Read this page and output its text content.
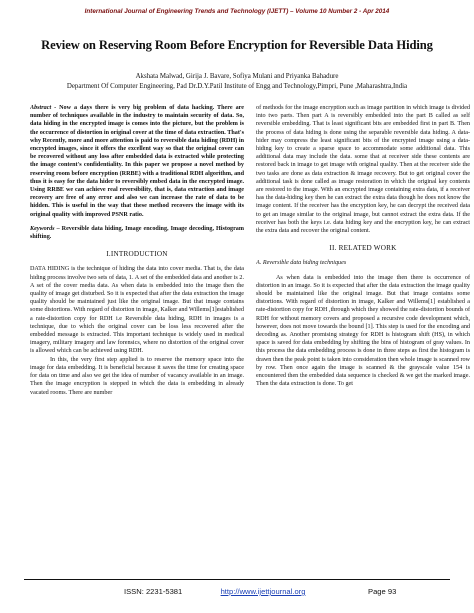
International Journal of Engineering Trends and Technology (IJETT) – Volume 10 Number 2 - Apr 2014
Review on Reserving Room Before Encryption for Reversible Data Hiding
Akshata Malwad, Girija J. Bavare, Sofiya Mulani and Priyanka Bahadure
Department Of Computer Engineering, Pad Dr.D.Y.Patil Institute of Engg and Technology,Pimpri, Pune ,Maharashtra,India

Abstract - Now a days there is very big problem of data hacking. There are number of techniques available in the industry to maintain security of data. So, data hiding in the encrypted image is comes into the picture, but the problem is the occurrence of distortion in original cover at the time of data extraction. That's why Recently, more and more attention is paid to reversible data hiding (RDH) in encrypted images, since it offers the excellent way so that the original cover can be recovered without any loss after embedded data is extracted while protecting the image content's confidentiality. In this paper we propose a novel method by reserving room before encryption (RRBE) with a traditional RDH algorithm, and thus it is easy for the data hider to reversibly embed data in the encrypted image. Using RRBE we can achieve real reversibility, that is, data extraction and image recovery are free of any error and also we can increase the rate of data to be hidden. This is useful in the way that these method recovers the image with its original quality with improved PSNR ratio.

Keywords – Reversible data hiding, Image encoding, Image decoding, Histogram shifting.

I.INTRODUCTION

DATA HIDING is the technique of hiding the data into cover media. That is, the data hiding process involve two sets of data, 1. A set of the embedded data and another is 2. A set of the cover media data. As when data is embedded into the image then the quality of image get disturbed. So it is expected that after the data extraction the image quality should be maintained just like the original image. But that image contains some distortions. With regard of distortion in image, Kalker and Willems[1]established a rate-distortion copy for RDH i.e Reversible data hiding, RDH in images is a technique, due to which the original cover can be loss less recovered after the embedded message is extracted. This important technique is widely used in medical imagery, military imagery and law forensics, where no distortion of the original cover is allowed which can be achieved using RDH.

In this, the very first step applied is to reserve the memory space into the image for data embedding. It is beneficial because it saves the time for creating space for data on time and also we get the idea of number of vacancy available in an image. Then the image encryption is stepped in which the data is embedding in already vacated rooms. There are number

of methods for the image encryption such as image partition in which image is divided into two parts. Then part A is reversibly embedded into the part B called as self reversible embedding. That is least significant bits are embedded first in part B. Then the process of data hiding is done using the separable reversible data hiding. A data-hider may compress the least significant bits of the encrypted image using a data-hiding key to create a sparse space to accommodate some additional data. This additional data may include the data. some that at receiver side these contents are restored back in image to get image with original quality. Then at the receiver side the two tasks are done as data extraction & image recovery. But to get original cover the additional task is done called as image restoration in which the original key contents are restored to the image. With an encrypted image containing extra data, if a receiver has the data-hiding key then he can extract the extra data though he does not know the image content. If the receiver has the encryption key, he can decrypt the received data to get an image similar to the original image, but cannot extract the extra data. If the receiver has both the keys i.e. data hiding key and the encryption key, he can extract the extra data and recover the original content.

II. RELATED WORK
A. Reversible data hiding techniques

As when data is embedded into the image then there is occurrence of distortion in an image. So it is expected that after the data extraction the image quality should be maintained like the original image. But that image contains some distortions. With regard of distortion in image, Kalker and Willems[1] established a rate-distortion copy for RDH ,through which they showed the rate-distortion bounds of RDH for without memory covers and proposed a recursive code development which, however, does not move towards the bound [1]. This step is used for the encoding and decoding as. Another promising strategy for RDH is histogram shift (HS), in which space is saved for data embedding by shifting the bins of histogram of gray values. In this process the data embedding process is done in three steps as first the histogram is drawn then the peak point is taken into consideration then whole image is scanned row by row. Then once again the image is scanned & the grayscale value 154 is encountered then the embedded data sequence is checked & we get the marked image. Then the data extraction is done. To get

ISSN: 2231-5381	http://www.ijettjournal.org	Page 93
